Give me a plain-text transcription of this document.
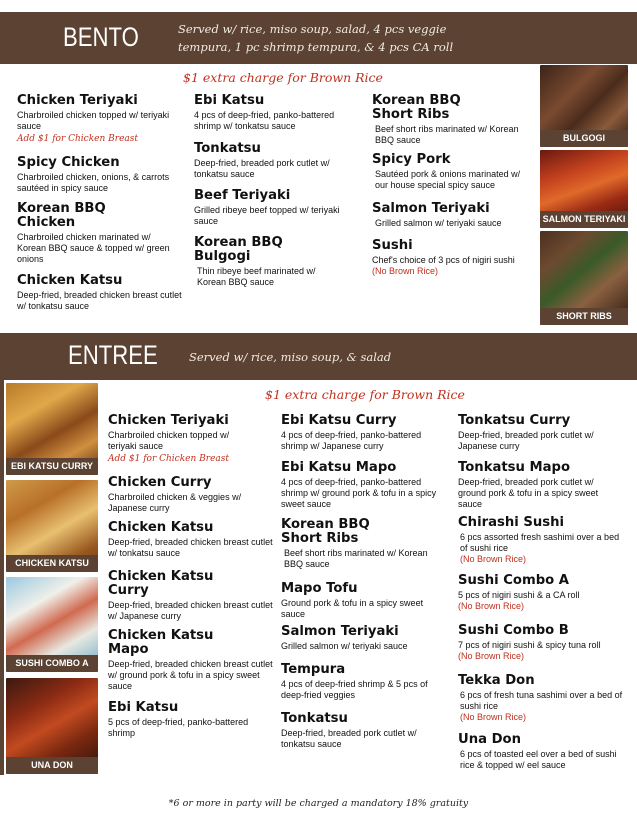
BENTO	Served w/ rice, miso soup, salad, 4 pcs veggie
tempura, 1 pc shrimp tempura, & 4 pcs CA roll
$1 extra charge for Brown Rice
Chicken Teriyaki
Charbroiled chicken topped w/ teriyaki sauce
Add $1 for Chicken Breast
Spicy Chicken
Charbroiled chicken, onions, & carrots sautéed in spicy sauce
Korean BBQ Chicken
Charbroiled chicken marinated w/ Korean BBQ sauce & topped w/ green onions
Chicken Katsu
Deep-fried, breaded chicken breast cutlet w/ tonkatsu sauce
Ebi Katsu
4 pcs of deep-fried, panko-battered shrimp w/ tonkatsu sauce
Tonkatsu
Deep-fried, breaded pork cutlet w/ tonkatsu sauce
Beef Teriyaki
Grilled ribeye beef topped w/ teriyaki sauce
Korean BBQ Bulgogi
Thin ribeye beef marinated w/ Korean BBQ sauce
Korean BBQ Short Ribs
Beef short ribs marinated w/ Korean BBQ sauce
Spicy Pork
Sautéed pork & onions marinated w/ our house special spicy sauce
Salmon Teriyaki
Grilled salmon w/ teriyaki sauce
Sushi
Chef's choice of 3 pcs of nigiri sushi
(No Brown Rice)
BULGOGI
SALMON TERIYAKI
SHORT RIBS
ENTREE	Served w/ rice, miso soup, & salad
$1 extra charge for Brown Rice
EBI KATSU CURRY
CHICKEN KATSU
SUSHI COMBO A
UNA DON
Chicken Teriyaki
Charbroiled chicken topped w/ teriyaki sauce
Add $1 for Chicken Breast
Chicken Curry
Charbroiled chicken & veggies w/ Japanese curry
Chicken Katsu
Deep-fried, breaded chicken breast cutlet w/ tonkatsu sauce
Chicken Katsu Curry
Deep-fried, breaded chicken breast cutlet w/ Japanese curry
Chicken Katsu Mapo
Deep-fried, breaded chicken breast cutlet w/ ground pork & tofu in a spicy sweet sauce
Ebi Katsu
5 pcs of deep-fried, panko-battered shrimp
Ebi Katsu Curry
4 pcs of deep-fried, panko-battered shrimp w/ Japanese curry
Ebi Katsu Mapo
4 pcs of deep-fried, panko-battered shrimp w/ ground pork & tofu in a spicy sweet sauce
Korean BBQ Short Ribs
Beef short ribs marinated w/ Korean BBQ sauce
Mapo Tofu
Ground pork & tofu in a spicy sweet sauce
Salmon Teriyaki
Grilled salmon w/ teriyaki sauce
Tempura
4 pcs of deep-fried shrimp & 5 pcs of deep-fried veggies
Tonkatsu
Deep-fried, breaded pork cutlet w/ tonkatsu sauce
Tonkatsu Curry
Deep-fried, breaded pork cutlet w/ Japanese curry
Tonkatsu Mapo
Deep-fried, breaded pork cutlet w/ ground pork & tofu in a spicy sweet sauce
Chirashi Sushi
6 pcs assorted fresh sashimi over a bed of sushi rice
(No Brown Rice)
Sushi Combo A
5 pcs of nigiri sushi & a CA roll
(No Brown Rice)
Sushi Combo B
7 pcs of nigiri sushi & spicy tuna roll
(No Brown Rice)
Tekka Don
6 pcs of fresh tuna sashimi over a bed of sushi rice
(No Brown Rice)
Una Don
6 pcs of toasted eel over a bed of sushi rice & topped w/ eel sauce
*6 or more in party will be charged a mandatory 18% gratuity
